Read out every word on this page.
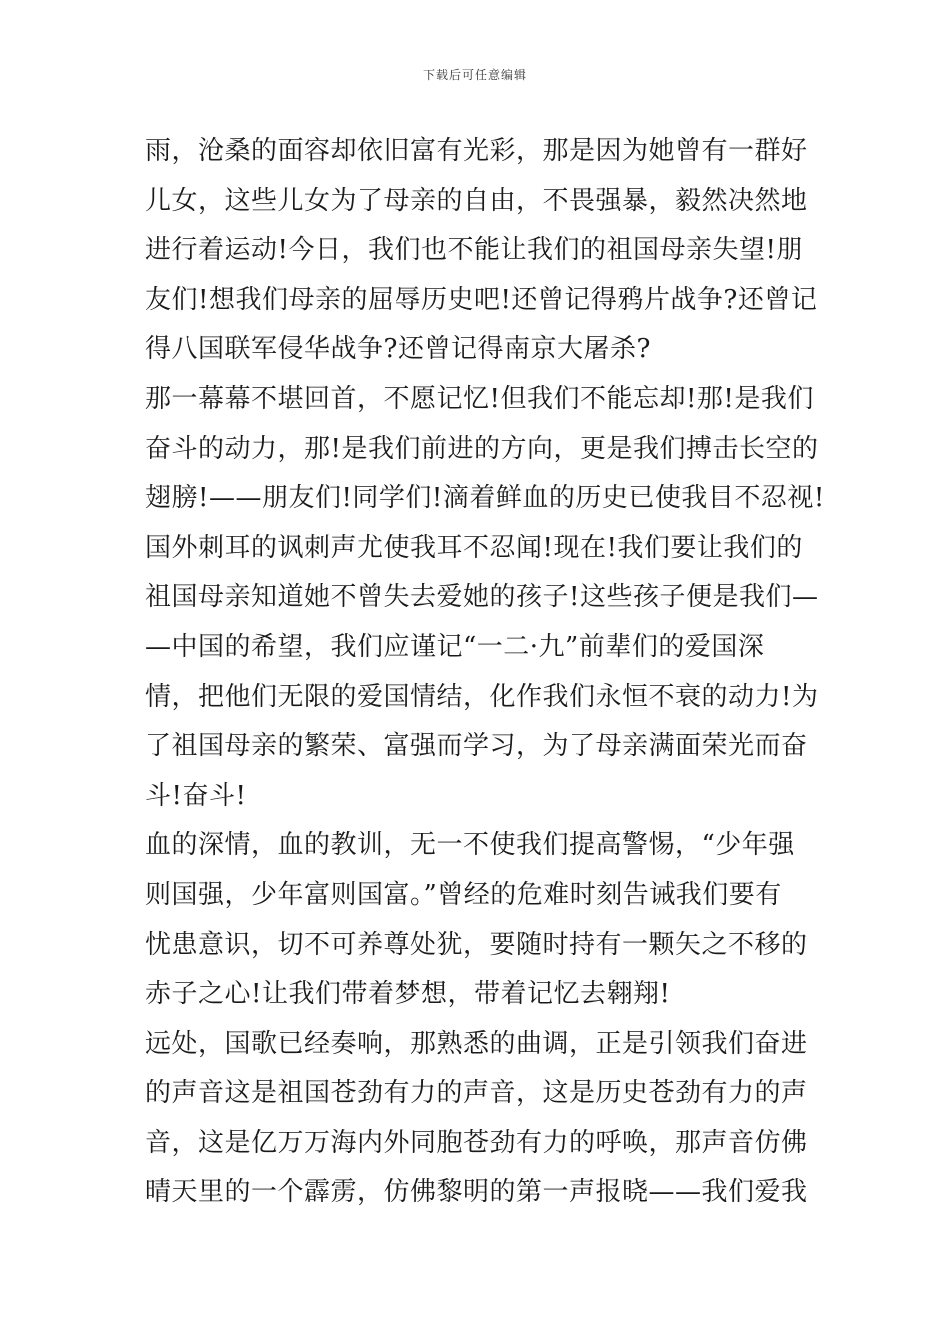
下载后可任意编辑
雨，沧桑的面容却依旧富有光彩，那是因为她曾有一群好
儿女，这些儿女为了母亲的自由，不畏强暴，毅然决然地
进行着运动!今日，我们也不能让我们的祖国母亲失望!朋
友们!想我们母亲的屈辱历史吧!还曾记得鸦片战争?还曾记
得八国联军侵华战争?还曾记得南京大屠杀?
那一幕幕不堪回首，不愿记忆!但我们不能忘却!那!是我们
奋斗的动力，那!是我们前进的方向，更是我们搏击长空的
翅膀!——朋友们!同学们!滴着鲜血的历史已使我目不忍视!
国外刺耳的讽刺声尤使我耳不忍闻!现在!我们要让我们的
祖国母亲知道她不曾失去爱她的孩子!这些孩子便是我们—
—中国的希望，我们应谨记“一二·九”前辈们的爱国深
情，把他们无限的爱国情结，化作我们永恒不衰的动力!为
了祖国母亲的繁荣、富强而学习，为了母亲满面荣光而奋
斗!奋斗!
血的深情，血的教训，无一不使我们提高警惕，“少年强
则国强，少年富则国富。”曾经的危难时刻告诫我们要有
忧患意识，切不可养尊处犹，要随时持有一颗矢之不移的
赤子之心!让我们带着梦想，带着记忆去翱翔!
远处，国歌已经奏响，那熟悉的曲调，正是引领我们奋进
的声音这是祖国苍劲有力的声音，这是历史苍劲有力的声
音，这是亿万万海内外同胞苍劲有力的呼唤，那声音仿佛
晴天里的一个霹雳，仿佛黎明的第一声报晓——我们爱我
